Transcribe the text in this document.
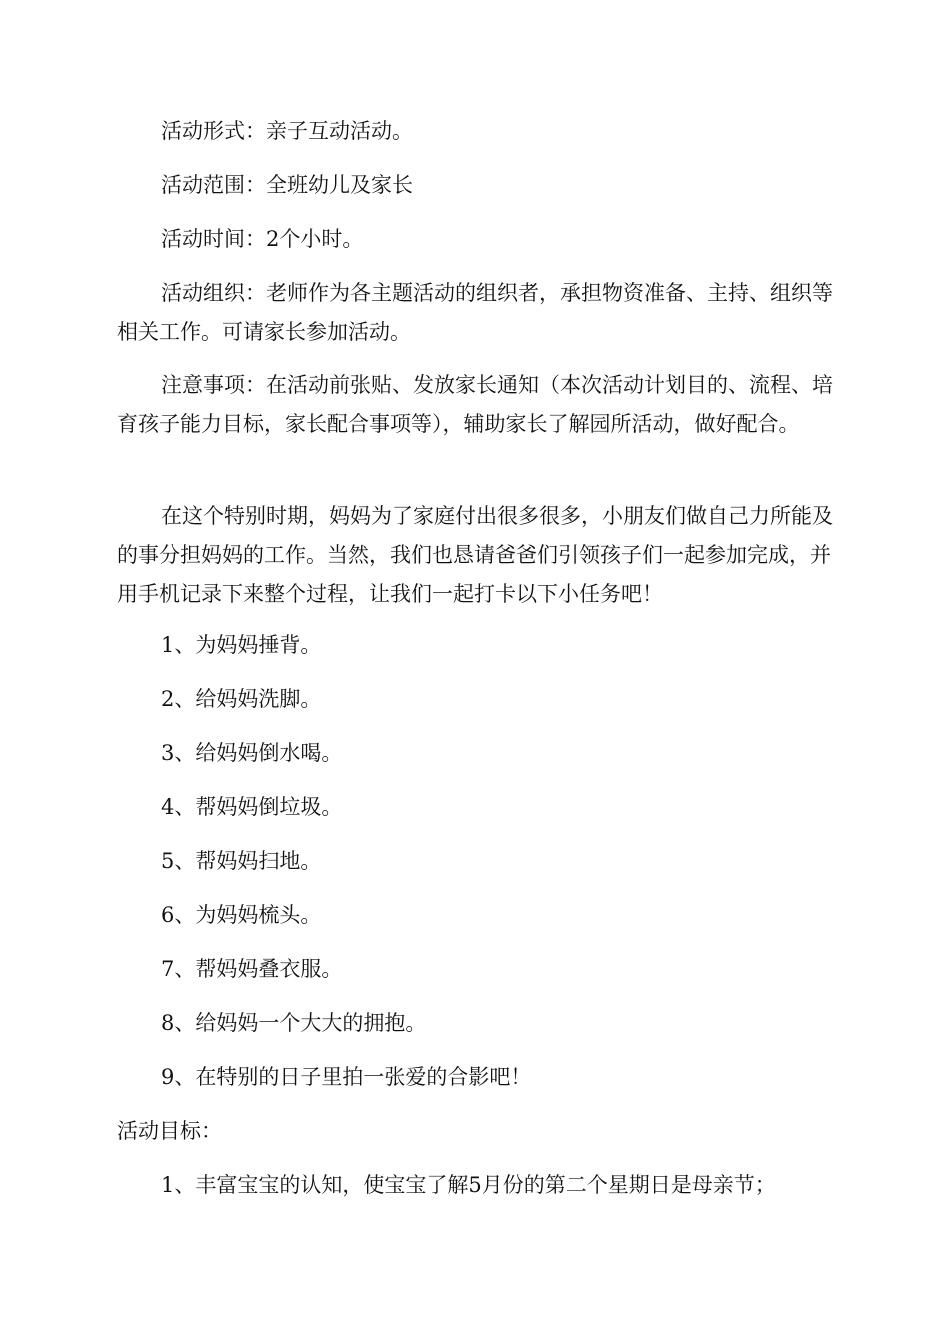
活动形式：亲子互动活动。

活动范围：全班幼儿及家长

活动时间：2个小时。

活动组织：老师作为各主题活动的组织者，承担物资准备、主持、组织等相关工作。可请家长参加活动。

注意事项：在活动前张贴、发放家长通知（本次活动计划目的、流程、培育孩子能力目标，家长配合事项等），辅助家长了解园所活动，做好配合。

在这个特别时期，妈妈为了家庭付出很多很多，小朋友们做自己力所能及的事分担妈妈的工作。当然，我们也恳请爸爸们引领孩子们一起参加完成，并用手机记录下来整个过程，让我们一起打卡以下小任务吧！

1、为妈妈捶背。

2、给妈妈洗脚。

3、给妈妈倒水喝。

4、帮妈妈倒垃圾。

5、帮妈妈扫地。

6、为妈妈梳头。

7、帮妈妈叠衣服。

8、给妈妈一个大大的拥抱。

9、在特别的日子里拍一张爱的合影吧！

活动目标：

1、丰富宝宝的认知，使宝宝了解5月份的第二个星期日是母亲节；
